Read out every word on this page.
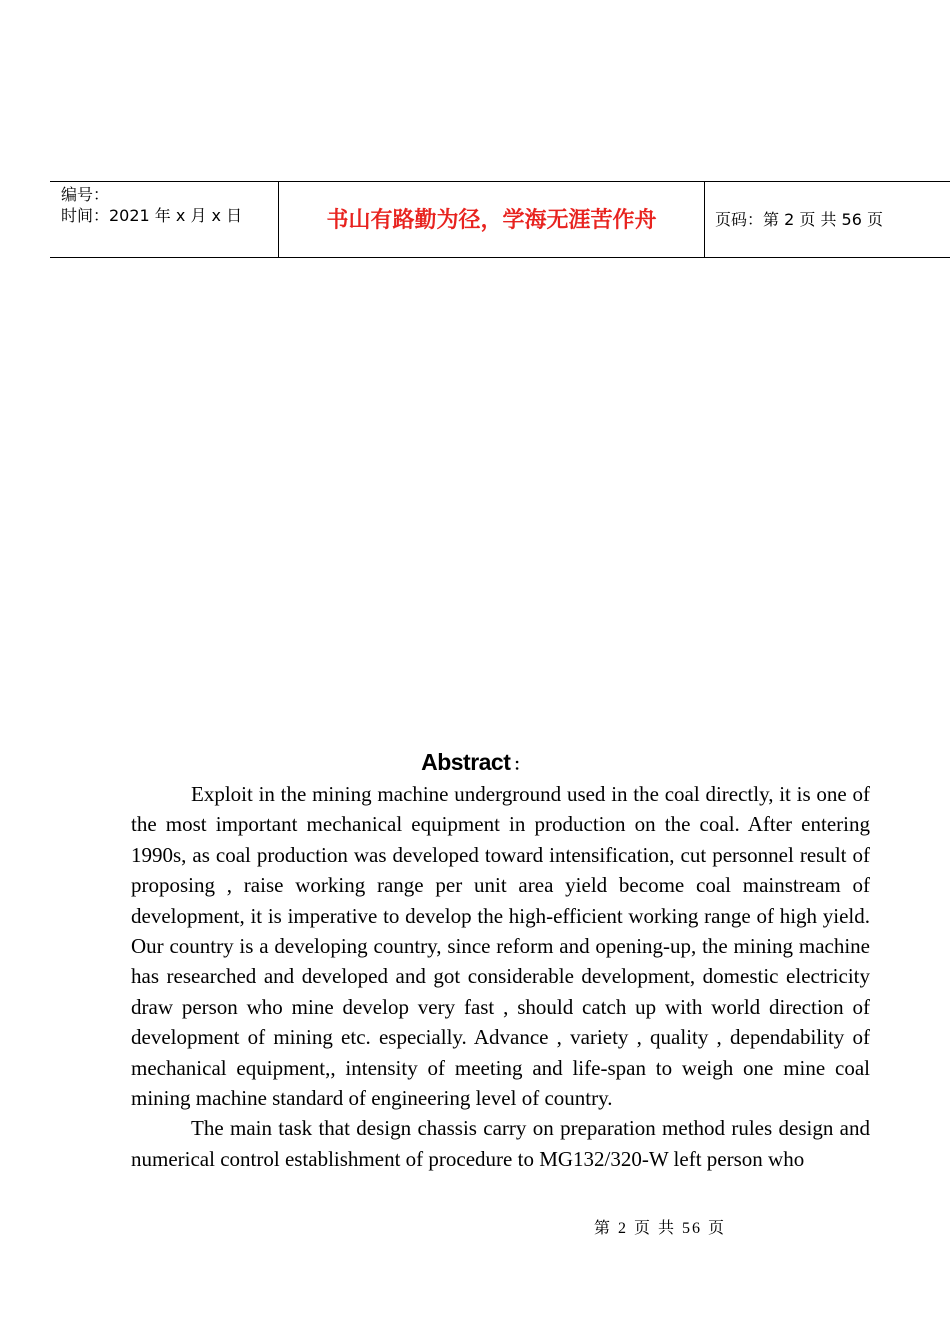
编号：
时间：2021 年 x 月 x 日	书山有路勤为径，学海无涯苦作舟	页码：第 2 页 共 56 页
Abstract ：

Exploit in the mining machine underground used in the coal directly, it is one of the most important mechanical equipment in production on the coal. After entering 1990s, as coal production was developed toward intensification, cut personnel result of proposing , raise working range per unit area yield become coal mainstream of development, it is imperative to develop the high-efficient working range of high yield. Our country is a developing country, since reform and opening-up, the mining machine has researched and developed and got considerable development, domestic electricity draw person who mine develop very fast , should catch up with world direction of development of mining etc. especially. Advance , variety , quality , dependability of mechanical equipment,, intensity of meeting and life-span to weigh one mine coal mining machine standard of engineering level of country.

The main task that design chassis carry on preparation method rules design and numerical control establishment of procedure to MG132/320-W left person who

第 2 页 共 56 页
